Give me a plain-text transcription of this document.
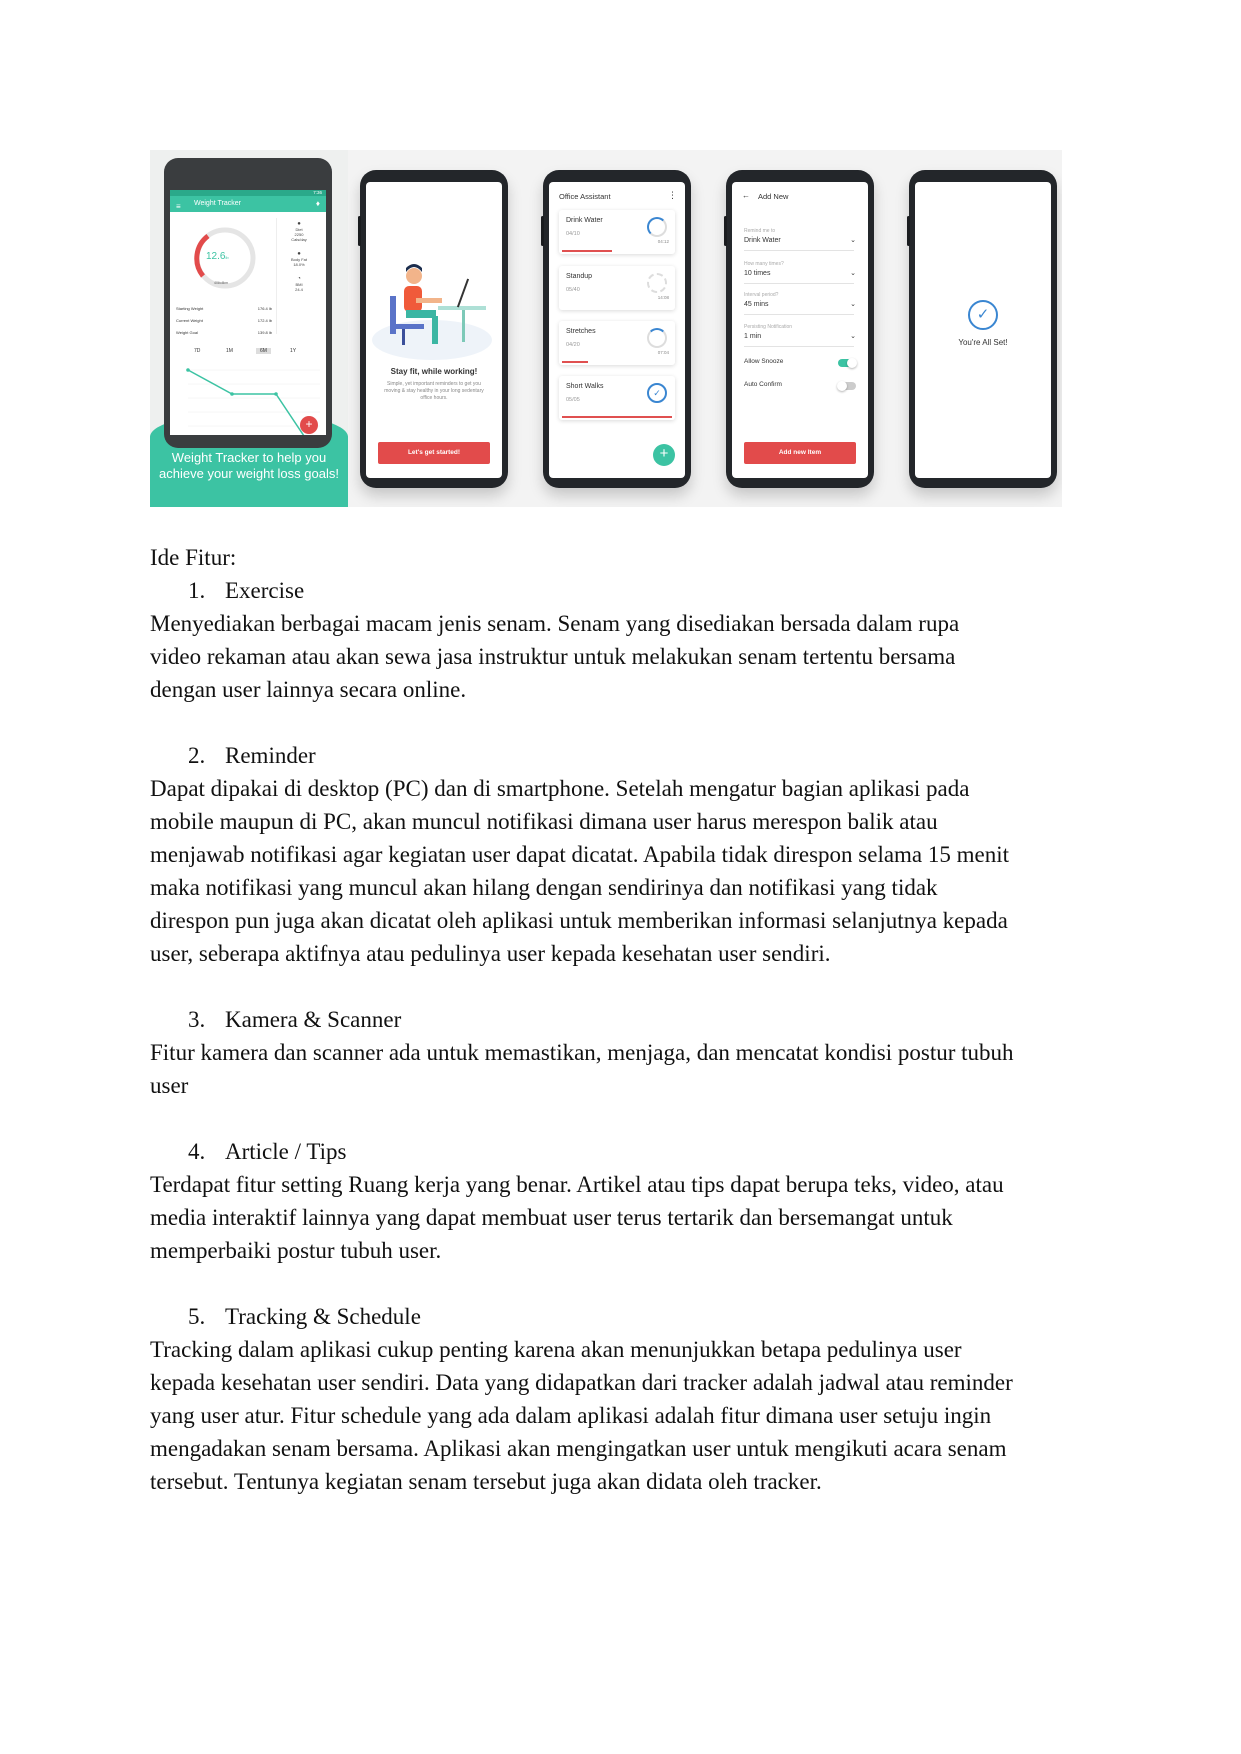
7:36
≡ Weight Tracker	♦
12.6lb
40ibdikm
●
Diet
2250
Cals/day
●
Body Fat
18.0%
◔
BMI
24.4
Starting Weight	176.4 lb
Current Weight	172.4 lb
Weight Goal	139.8 lb
7D	1M	6M	1Y
+
Weight Tracker to help you achieve your weight loss goals!
Stay fit, while working!
Simple, yet important reminders to get you moving & stay healthy in your long sedentary office hours.
Let's get started!
Office Assistant	⋮
Drink Water
04/10
04:12
Standup
05/40
14:08
Stretches
04/20
07:04
Short Walks
05/05
✓
+
← Add New
Remind me to
Drink Water	⌄
How many times?
10 times	⌄
Interval period?
45 mins	⌄
Persisting Notification
1 min	⌄
Allow Snooze
Auto Confirm
Add new Item
✓
You're All Set!
Ide Fitur:
1. Exercise
Menyediakan berbagai macam jenis senam. Senam yang disediakan bersada dalam rupa
video rekaman atau akan sewa jasa instruktur untuk melakukan senam tertentu bersama
dengan user lainnya secara online.
2. Reminder
Dapat dipakai di desktop (PC) dan di smartphone. Setelah mengatur bagian aplikasi pada
mobile maupun di PC, akan muncul notifikasi dimana user harus merespon balik atau
menjawab notifikasi agar kegiatan user dapat dicatat. Apabila tidak direspon selama 15 menit
maka notifikasi yang muncul akan hilang dengan sendirinya dan notifikasi yang tidak
direspon pun juga akan dicatat oleh aplikasi untuk memberikan informasi selanjutnya kepada
user, seberapa aktifnya atau pedulinya user kepada kesehatan user sendiri.
3. Kamera & Scanner
Fitur kamera dan scanner ada untuk memastikan, menjaga, dan mencatat kondisi postur tubuh
user
4. Article / Tips
Terdapat fitur setting Ruang kerja yang benar. Artikel atau tips dapat berupa teks, video, atau
media interaktif lainnya yang dapat membuat user terus tertarik dan bersemangat untuk
memperbaiki postur tubuh user.
5. Tracking & Schedule
Tracking dalam aplikasi cukup penting karena akan menunjukkan betapa pedulinya user
kepada kesehatan user sendiri. Data yang didapatkan dari tracker adalah jadwal atau reminder
yang user atur. Fitur schedule yang ada dalam aplikasi adalah fitur dimana user setuju ingin
mengadakan senam bersama. Aplikasi akan mengingatkan user untuk mengikuti acara senam
tersebut. Tentunya kegiatan senam tersebut juga akan didata oleh tracker.
